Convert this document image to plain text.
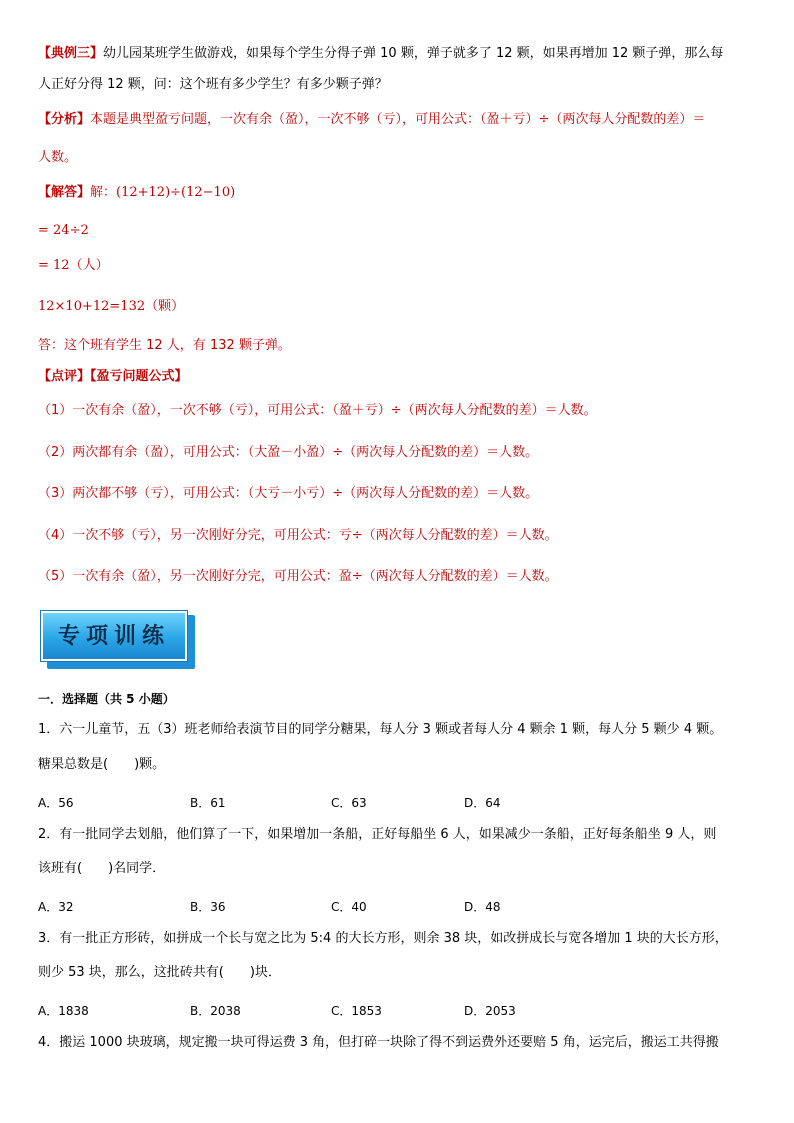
【典例三】幼儿园某班学生做游戏，如果每个学生分得子弹 10 颗，弹子就多了 12 颗，如果再增加 12 颗子弹，那么每
人正好分得 12 颗，问：这个班有多少学生？有多少颗子弹？
【分析】本题是典型盈亏问题，一次有余（盈），一次不够（亏），可用公式：（盈＋亏）÷（两次每人分配数的差）＝
人数。
【解答】解：(12+12)÷(12−10)
= 24÷2
= 12（人）
12×10+12=132（颗）
答：这个班有学生 12 人，有 132 颗子弹。
【点评】【盈亏问题公式】
（1）一次有余（盈），一次不够（亏），可用公式：（盈＋亏）÷（两次每人分配数的差）＝人数。
（2）两次都有余（盈），可用公式：（大盈－小盈）÷（两次每人分配数的差）＝人数。
（3）两次都不够（亏），可用公式：（大亏－小亏）÷（两次每人分配数的差）＝人数。
（4）一次不够（亏），另一次刚好分完，可用公式：亏÷（两次每人分配数的差）＝人数。
（5）一次有余（盈），另一次刚好分完，可用公式：盈÷（两次每人分配数的差）＝人数。
专项训练
一．选择题（共 5 小题）
1．六一儿童节，五（3）班老师给表演节目的同学分糖果，每人分 3 颗或者每人分 4 颗余 1 颗，每人分 5 颗少 4 颗。
糖果总数是(　　)颗。
A．56	B．61	C．63	D．64
2．有一批同学去划船，他们算了一下，如果增加一条船，正好每船坐 6 人，如果减少一条船，正好每条船坐 9 人，则
该班有(　　)名同学．
A．32	B．36	C．40	D．48
3．有一批正方形砖，如拼成一个长与宽之比为 5:4 的大长方形，则余 38 块，如改拼成长与宽各增加 1 块的大长方形，
则少 53 块，那么，这批砖共有(　　)块．
A．1838	B．2038	C．1853	D．2053
4．搬运 1000 块玻璃，规定搬一块可得运费 3 角，但打碎一块除了得不到运费外还要赔 5 角，运完后，搬运工共得搬
